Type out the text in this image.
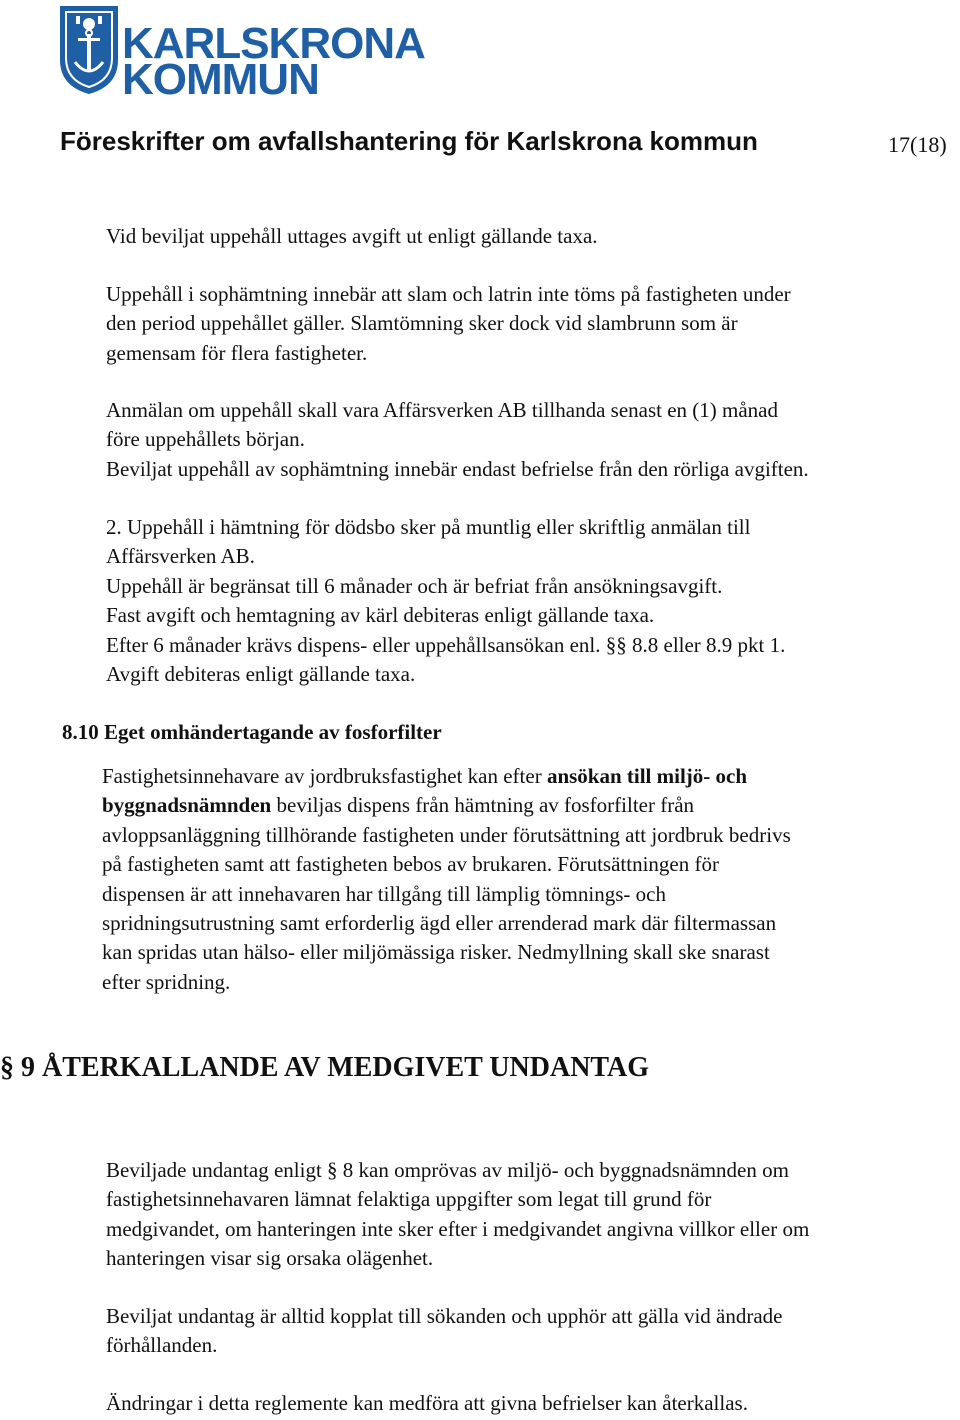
KARLSKRONA
KOMMUN
Föreskrifter om avfallshantering för Karlskrona kommun	17(18)
Vid beviljat uppehåll uttages avgift ut enligt gällande taxa.
Uppehåll i sophämtning innebär att slam och latrin inte töms på fastigheten under
den period uppehållet gäller. Slamtömning sker dock vid slambrunn som är
gemensam för flera fastigheter.
Anmälan om uppehåll skall vara Affärsverken AB tillhanda senast en (1) månad
före uppehållets början.
Beviljat uppehåll av sophämtning innebär endast befrielse från den rörliga avgiften.
2. Uppehåll i hämtning för dödsbo sker på muntlig eller skriftlig anmälan till
Affärsverken AB.
Uppehåll är begränsat till 6 månader och är befriat från ansökningsavgift.
Fast avgift och hemtagning av kärl debiteras enligt gällande taxa.
Efter 6 månader krävs dispens- eller uppehållsansökan enl. §§ 8.8 eller 8.9 pkt 1.
Avgift debiteras enligt gällande taxa.
8.10 Eget omhändertagande av fosforfilter
Fastighetsinnehavare av jordbruksfastighet kan efter ansökan till miljö- och
byggnadsnämnden beviljas dispens från hämtning av fosforfilter från
avloppsanläggning tillhörande fastigheten under förutsättning att jordbruk bedrivs
på fastigheten samt att fastigheten bebos av brukaren. Förutsättningen för
dispensen är att innehavaren har tillgång till lämplig tömnings- och
spridningsutrustning samt erforderlig ägd eller arrenderad mark där filtermassan
kan spridas utan hälso- eller miljömässiga risker. Nedmyllning skall ske snarast
efter spridning.
§ 9 ÅTERKALLANDE AV MEDGIVET UNDANTAG
Beviljade undantag enligt § 8 kan omprövas av miljö- och byggnadsnämnden om
fastighetsinnehavaren lämnat felaktiga uppgifter som legat till grund för
medgivandet, om hanteringen inte sker efter i medgivandet angivna villkor eller om
hanteringen visar sig orsaka olägenhet.
Beviljat undantag är alltid kopplat till sökanden och upphör att gälla vid ändrade
förhållanden.
Ändringar i detta reglemente kan medföra att givna befrielser kan återkallas.
